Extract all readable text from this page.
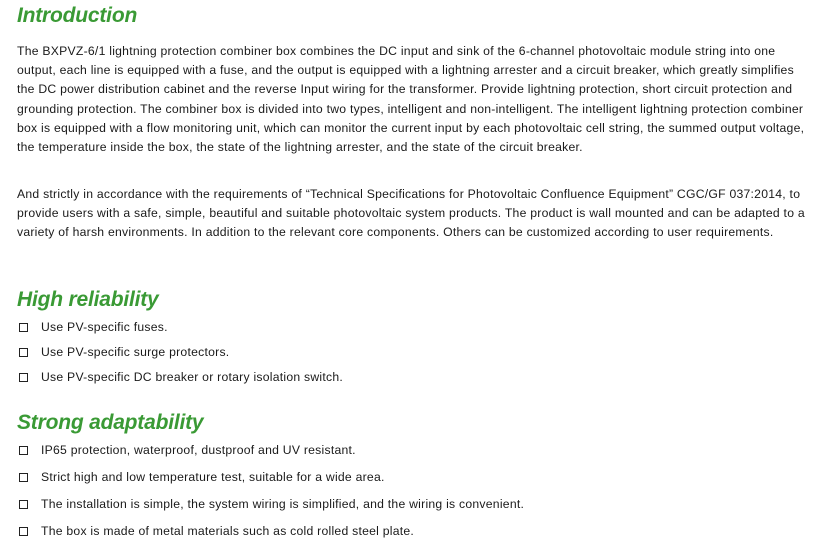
Introduction

The BXPVZ-6/1 lightning protection combiner box combines the DC input and sink of the 6-channel photovoltaic module string into one output, each line is equipped with a fuse, and the output is equipped with a lightning arrester and a circuit breaker, which greatly simplifies the DC power distribution cabinet and the reverse Input wiring for the transformer. Provide lightning protection, short circuit protection and grounding protection. The combiner box is divided into two types, intelligent and non-intelligent. The intelligent lightning protection combiner box is equipped with a flow monitoring unit, which can monitor the current input by each photovoltaic cell string, the summed output voltage, the temperature inside the box, the state of the lightning arrester, and the state of the circuit breaker.

And strictly in accordance with the requirements of “Technical Specifications for Photovoltaic Confluence Equipment” CGC/GF 037:2014, to provide users with a safe, simple, beautiful and suitable photovoltaic system products. The product is wall mounted and can be adapted to a variety of harsh environments. In addition to the relevant core components. Others can be customized according to user requirements.

High reliability
Use PV-specific fuses.
Use PV-specific surge protectors.
Use PV-specific DC breaker or rotary isolation switch.
Strong adaptability
IP65 protection, waterproof, dustproof and UV resistant.
Strict high and low temperature test, suitable for a wide area.
The installation is simple, the system wiring is simplified, and the wiring is convenient.
The box is made of metal materials such as cold rolled steel plate.
